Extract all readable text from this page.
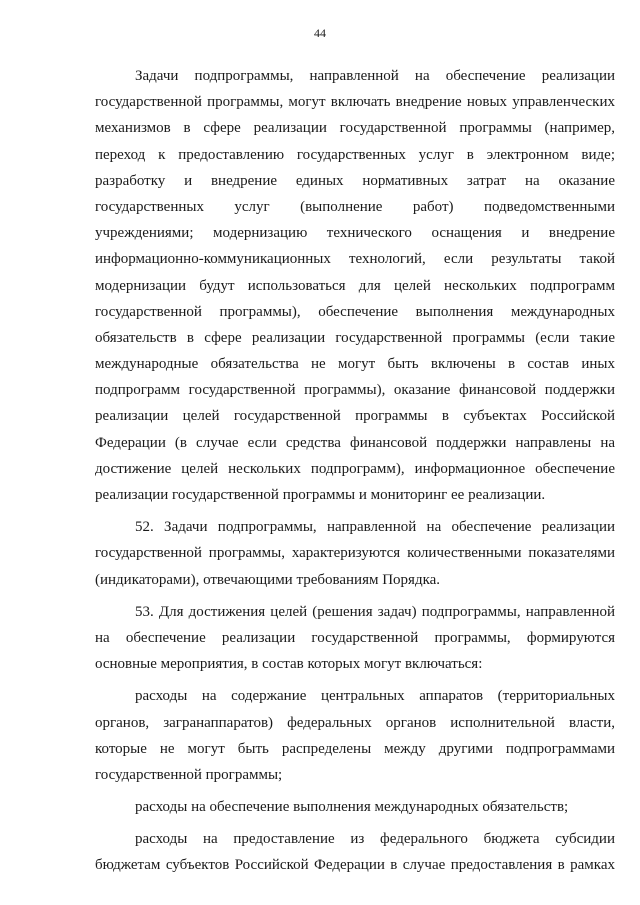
44
Задачи подпрограммы, направленной на обеспечение реализации
государственной программы, могут включать внедрение новых управленческих
механизмов в сфере реализации государственной программы (например,
переход к предоставлению государственных услуг в электронном виде;
разработку и внедрение единых нормативных затрат на оказание
государственных услуг (выполнение работ) подведомственными
учреждениями; модернизацию технического оснащения и внедрение
информационно-коммуникационных технологий, если результаты такой
модернизации будут использоваться для целей нескольких подпрограмм
государственной программы), обеспечение выполнения международных
обязательств в сфере реализации государственной программы (если такие
международные обязательства не могут быть включены в состав иных
подпрограмм государственной программы), оказание финансовой поддержки
реализации целей государственной программы в субъектах Российской
Федерации (в случае если средства финансовой поддержки направлены на
достижение целей нескольких подпрограмм), информационное обеспечение
реализации государственной программы и мониторинг ее реализации.
52. Задачи подпрограммы, направленной на обеспечение реализации
государственной программы, характеризуются количественными показателями
(индикаторами), отвечающими требованиям Порядка.
53. Для достижения целей (решения задач) подпрограммы, направленной
на обеспечение реализации государственной программы, формируются
основные мероприятия, в состав которых могут включаться:
расходы на содержание центральных аппаратов (территориальных
органов, загранаппаратов) федеральных органов исполнительной власти,
которые не могут быть распределены между другими подпрограммами
государственной программы;
расходы на обеспечение выполнения международных обязательств;
расходы на предоставление из федерального бюджета субсидии
бюджетам субъектов Российской Федерации в случае предоставления в рамках
